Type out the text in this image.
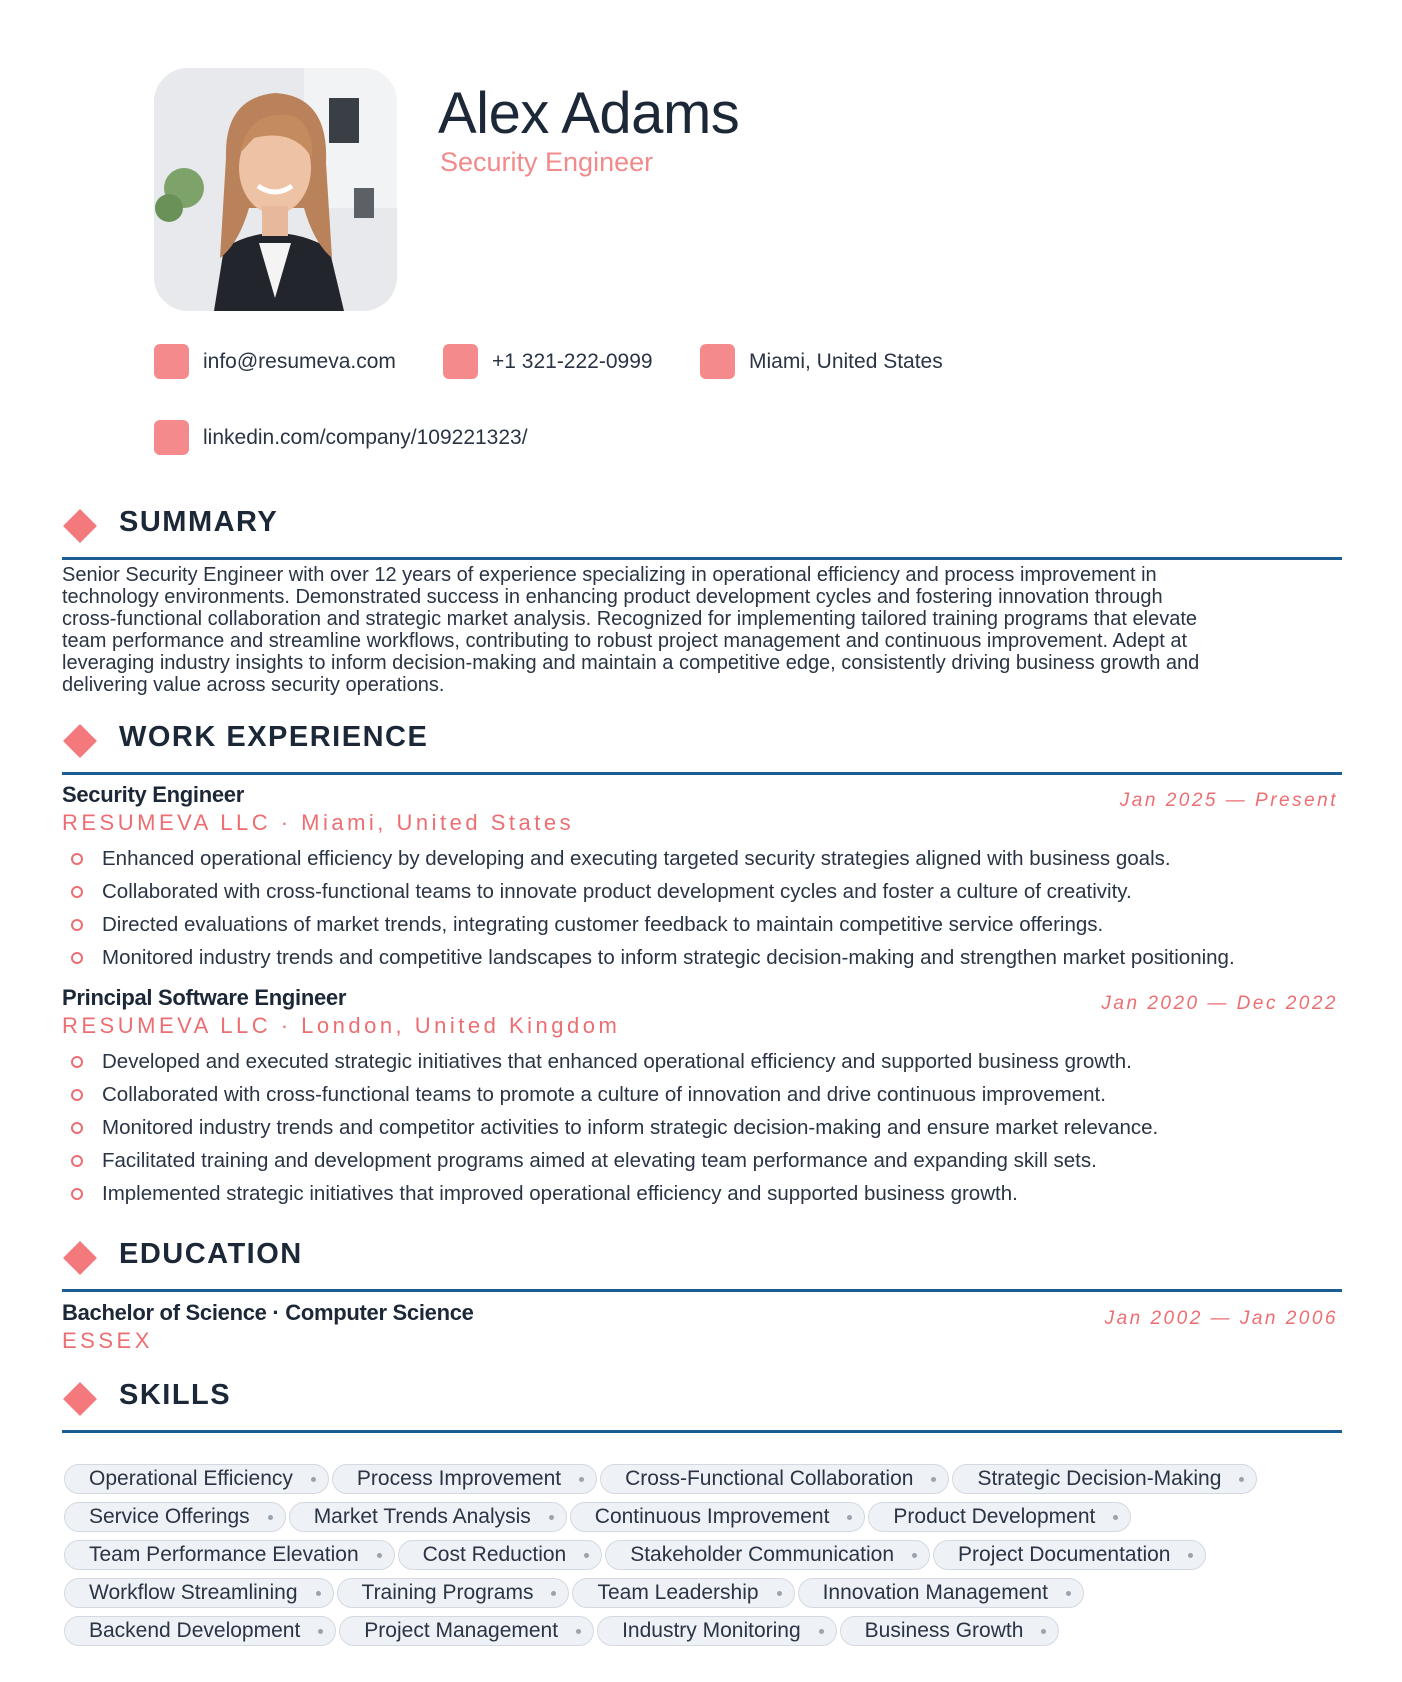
Alex Adams
Security Engineer
info@resumeva.com	+1 321-222-0999	Miami, United States
linkedin.com/company/109221323/
SUMMARY
Senior Security Engineer with over 12 years of experience specializing in operational efficiency and process improvement in
technology environments. Demonstrated success in enhancing product development cycles and fostering innovation through
cross-functional collaboration and strategic market analysis. Recognized for implementing tailored training programs that elevate
team performance and streamline workflows, contributing to robust project management and continuous improvement. Adept at
leveraging industry insights to inform decision-making and maintain a competitive edge, consistently driving business growth and
delivering value across security operations.
WORK EXPERIENCE
Jan 2025 — Present
Security Engineer
RESUMEVA LLC · Miami, United States
Enhanced operational efficiency by developing and executing targeted security strategies aligned with business goals.
Collaborated with cross-functional teams to innovate product development cycles and foster a culture of creativity.
Directed evaluations of market trends, integrating customer feedback to maintain competitive service offerings.
Monitored industry trends and competitive landscapes to inform strategic decision-making and strengthen market positioning.
Jan 2020 — Dec 2022
Principal Software Engineer
RESUMEVA LLC · London, United Kingdom
Developed and executed strategic initiatives that enhanced operational efficiency and supported business growth.
Collaborated with cross-functional teams to promote a culture of innovation and drive continuous improvement.
Monitored industry trends and competitor activities to inform strategic decision-making and ensure market relevance.
Facilitated training and development programs aimed at elevating team performance and expanding skill sets.
Implemented strategic initiatives that improved operational efficiency and supported business growth.
EDUCATION
Jan 2002 — Jan 2006
Bachelor of Science · Computer Science
ESSEX
SKILLS
Operational Efficiency	Process Improvement	Cross-Functional Collaboration	Strategic Decision-Making
Service Offerings	Market Trends Analysis	Continuous Improvement	Product Development
Team Performance Elevation	Cost Reduction	Stakeholder Communication	Project Documentation
Workflow Streamlining	Training Programs	Team Leadership	Innovation Management
Backend Development	Project Management	Industry Monitoring	Business Growth
